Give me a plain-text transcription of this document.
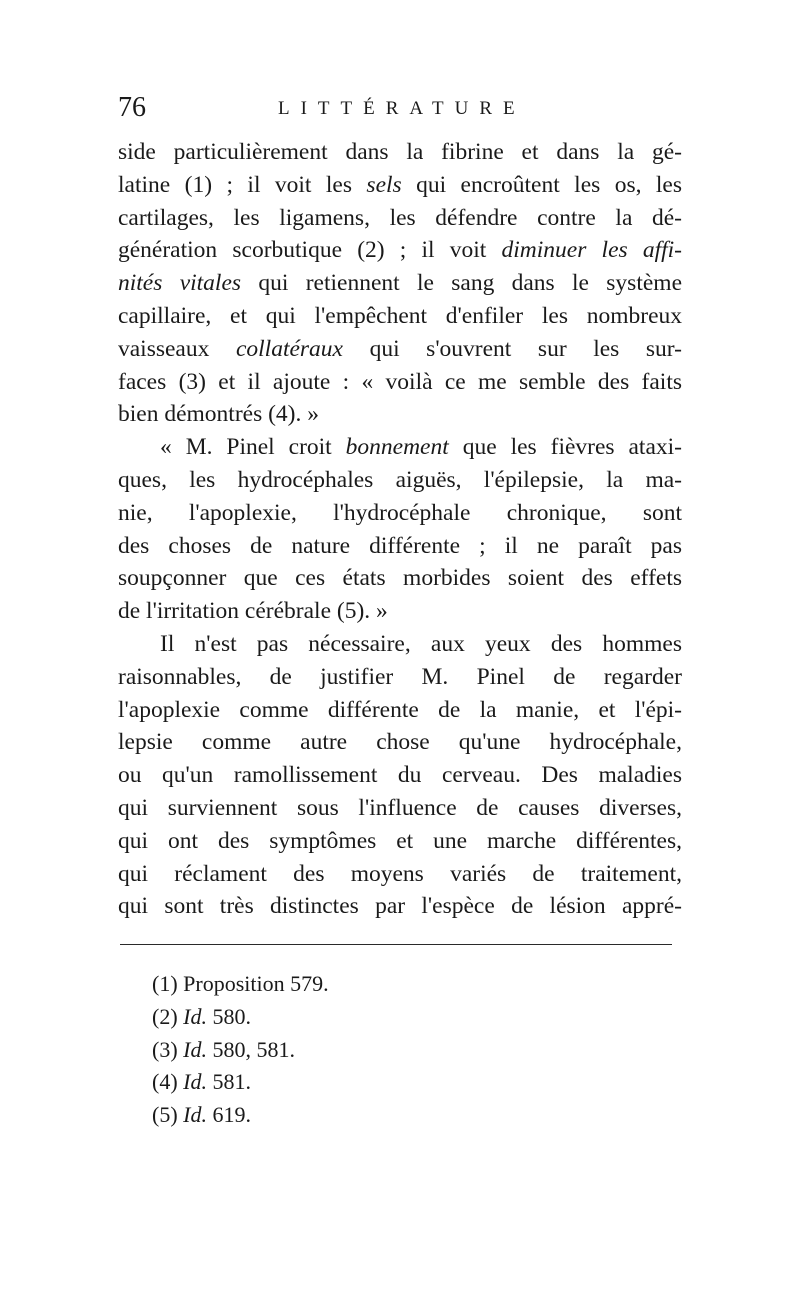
76	LITTÉRATURE
side particulièrement dans la fibrine et dans la gé-
latine (1) ; il voit les sels qui encroûtent les os, les
cartilages, les ligamens, les défendre contre la dé-
génération scorbutique (2) ; il voit diminuer les affi-
nités vitales qui retiennent le sang dans le système
capillaire, et qui l'empêchent d'enfiler les nombreux
vaisseaux collatéraux qui s'ouvrent sur les sur-
faces (3) et il ajoute : « voilà ce me semble des faits
bien démontrés (4). »
« M. Pinel croit bonnement que les fièvres ataxi-
ques, les hydrocéphales aiguës, l'épilepsie, la ma-
nie, l'apoplexie, l'hydrocéphale chronique, sont
des choses de nature différente ; il ne paraît pas
soupçonner que ces états morbides soient des effets
de l'irritation cérébrale (5). »
Il n'est pas nécessaire, aux yeux des hommes
raisonnables, de justifier M. Pinel de regarder
l'apoplexie comme différente de la manie, et l'épi-
lepsie comme autre chose qu'une hydrocéphale,
ou qu'un ramollissement du cerveau. Des maladies
qui surviennent sous l'influence de causes diverses,
qui ont des symptômes et une marche différentes,
qui réclament des moyens variés de traitement,
qui sont très distinctes par l'espèce de lésion appré-
(1) Proposition 579.
(2) Id. 580.
(3) Id. 580, 581.
(4) Id. 581.
(5) Id. 619.
